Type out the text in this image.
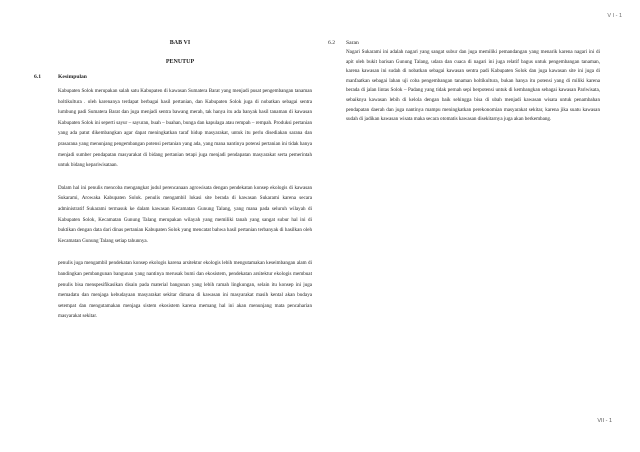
V I - 1
BAB VI
PENUTUP
6.1	Kesimpulan

Kabupaten Solok merupakan salah satu Kabupaten di kawasan Sumatera Barat yang menjadi pusat pengembangan tanaman holtikultura . oleh karenanya terdapat berbagai hasil pertanian, dan Kabupaten Solok juga di nobatkan sebagai sentra lumbung padi Sumatera Barat dan juga menjadi sentra bawang merah, tak hanya itu ada banyak hasil tanaman di kawasan Kabupaten Solok ini seperti sayur – sayuran, buah – buahan, bunga dan kapulaga atau rempah – rempah. Produksi pertanian yang ada patut dikembangkan agar dapat meningkatkan taraf hidup masyarakat, untuk itu perlu disediakan sarana dan prasarana yang menunjang pengembangan potensi pertanian yang ada, yang mana nantinya potensi pertanian ini tidak hanya menjadi sumber pendapatan masyarakat di bidang pertanian tetapi juga menjadi pendapatan masyarakat serta pemerintah untuk bidang kepariwisataan.

Dalam hal ini penulis mencoba mengangkat judul perencanaan agrowisata dengan pendekatan konsep ekologis di kawasan Sukarami, Arowaka Kabupaten Solok. penulis mengambil lokasi site berada di kawasan Sukarami karena secara administratif Sukarami termasuk ke dalam kawasan Kecamatan Gunung Talang, yang mana pada seluruh wilayah di Kabupaten Solok, Kecamatan Gunung Talang merupakan wilayah yang memiliki tanah yang sangat subur hal ini di buktikan dengan data dari dinas pertanian Kabupaten Solok yang mencatat bahwa hasil pertanian terbanyak di hasilkan oleh Kecamatan Gunung Talang setiap tahunnya.

penulis juga mengambil pendekatan konsep ekologis karena arsitektur ekologis lebih mengutamakan keseimbangan alam di bandingkan pembangunan bangunan yang nantinya merusak bumi dan ekosistem, pendekatan arsitektur ekologis membuat penulis bisa menspesifikasikan disain pada material bangunan yang lebih ramah lingkungan, selain itu konsep ini juga memadatu dan menjaga kebudayaan masyarakat sekitar dimana di kawasan ini masyarakat masih kental akan budaya setempat dan mengutamakan menjaga sistem ekosistem karena memang hal ini akan menunjang mata pencaharian masyarakat sekitar.

6.2	Saran

Nagari Sukarami ini adalah nagari yang sangat subur dan juga memiliki pemandangan yang menarik karena nagari ini di apit oleh bukit barisan Gunung Talang, udara dan cuaca di nagari ini juga relatif bagus untuk pengembangan tanaman, karena kawasan ini sudah di nobatkan sebagai kawasan sentra padi Kabupaten Solok dan juga kawasan site ini juga di manfaatkan sebagai lahan uji coba pengembangan tanaman holtikultura, bukan hanya itu potensi yang di miliki karena berada di jalan lintas Solok – Padang yang tidak pernah sepi berpotensi untuk di kembangkan sebagai kawasan Pariwisata, sebaiknya kawasan lebih di kelola dengan baik sehingga bisa di ubah menjadi kawasan wisata untuk penambahan pendapatan daerah dan juga nantinya mampu meningkatkan perekonomian masyarakat sekitar, karena jika suatu kawasan sudah di jadikan kawasan wisata maka secara otomatis kawasan disekitarnya juga akan berkembang.

VII - 1
